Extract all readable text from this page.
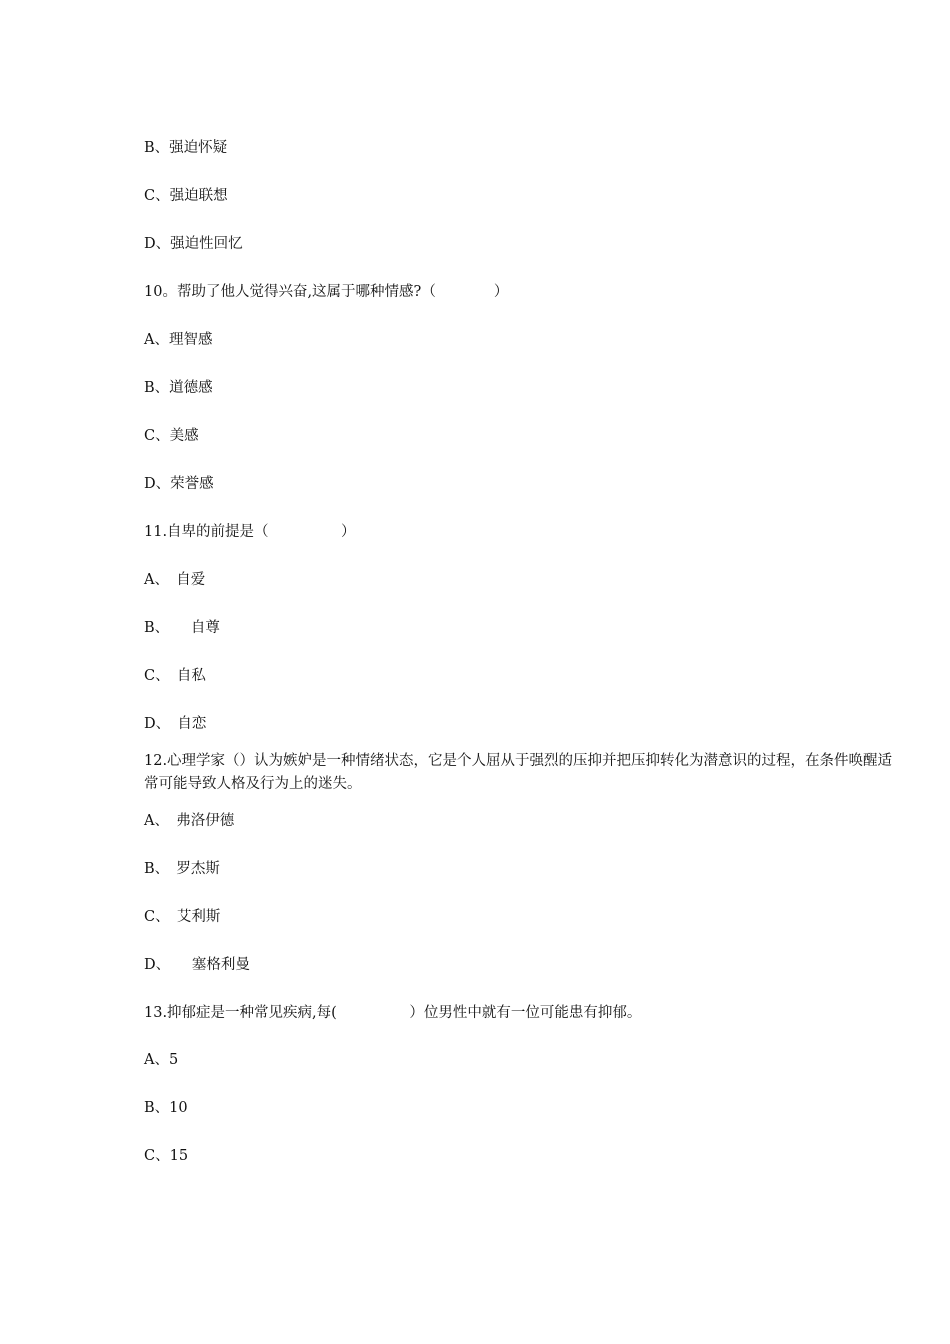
B、强迫怀疑
C、强迫联想
D、强迫性回忆
10。帮助了他人觉得兴奋,这属于哪种情感?（　　　　）
A、理智感
B、道德感
C、美感
D、荣誉感
11.自卑的前提是（　　　　　）
A、　自爱
B、　　自尊
C、　自私
D、　自恋
12.心理学家（）认为嫉妒是一种情绪状态，它是个人屈从于强烈的压抑并把压抑转化为潜意识的过程，在条件唤醒适
常可能导致人格及行为上的迷失。
A、　弗洛伊德
B、　罗杰斯
C、　艾利斯
D、　　塞格利曼
13.抑郁症是一种常见疾病,每(　　　　　）位男性中就有一位可能患有抑郁。
A、5
B、10
C、15
